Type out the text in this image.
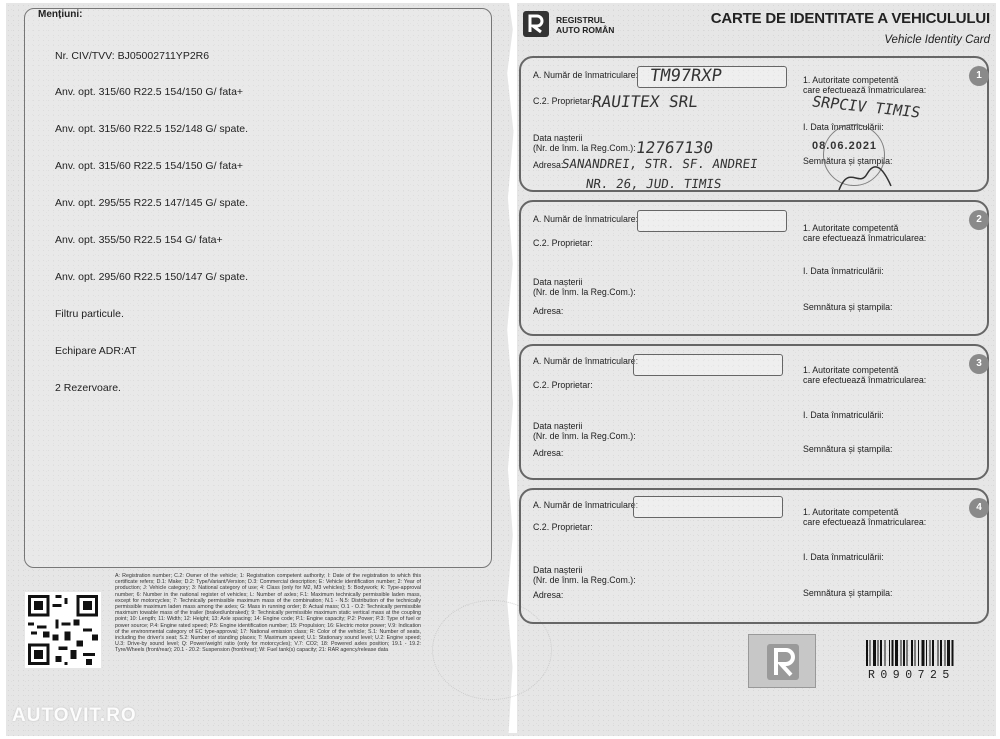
Mențiuni:

Nr. CIV/TVV: BJ05002711YP2R6

Anv. opt. 315/60 R22.5 154/150 G/ fata+

Anv. opt. 315/60 R22.5 152/148 G/ spate.

Anv. opt. 315/60 R22.5 154/150 G/ fata+

Anv. opt. 295/55 R22.5 147/145 G/ spate.

Anv. opt. 355/50 R22.5 154 G/ fata+

Anv. opt. 295/60 R22.5 150/147 G/ spate.

Filtru particule.

Echipare ADR:AT

2 Rezervoare.

A: Registration number; C.2: Owner of the vehicle; 1: Registration competent authority; I: Date of the registration to which this certificate refers; D.1: Make; D.2: Type/Variant/Version; D.3: Commercial description; E: Vehicle identification number; 2: Year of production; J: Vehicle category; 3: National category of use; 4: Class (only for M2, M3 vehicles); 5: Bodywork; K: Type-approval number; 6: Number in the national register of vehicles; L: Number of axles; F.1: Maximum technically permissible laden mass, except for motorcycles; 7: Technically permissible maximum mass of the combination; N.1 - N.5: Distribution of the technically permissible maximum laden mass among the axles; G: Mass in running order; 8: Actual mass; O.1 - O.2: Technically permissible maximum towable mass of the trailer (braked/unbraked); 9: Technically permissible maximum static vertical mass at the coupling point; 10: Length; 11: Width; 12: Height; 13: Axle spacing; 14: Engine code; P.1: Engine capacity; P.2: Power; P.3: Type of fuel or power source; P.4: Engine rated speed; P.5: Engine identification number; 15: Propulsion; 16: Electric motor power; V.9: Indication of the environmental category of EC type-approval; 17: National emission class; R: Color of the vehicle; S.1: Number of seats, including the driver's seat; S.2: Number of standing places; T: Maximum speed; U.1: Stationary sound level; U.2: Engine speed; U.3: Drive-by sound level; Q: Power/weight ratio (only for motorcycles); V.7: CO2; 18: Powered axles position; 19.1 - 19.2: Tyre/Wheels (front/rear); 20.1 - 20.2: Suspension (front/rear); W: Fuel tank(s) capacity; 21: RAR agency/release data
AUTOVIT.RO
REGISTRUL
AUTO ROMÂN
CARTE DE IDENTITATE A VEHICULULUI
Vehicle Identity Card
1
A. Număr de înmatriculare:
C.2. Proprietar:
Data nașterii
(Nr. de înm. la Reg.Com.):
Adresa:
1. Autoritate competentă
care efectuează înmatricularea:
I. Data înmatriculării:
Semnătura și ștampila:
TM97RXP
RAUITEX SRL
12767130
SANANDREI, STR. SF. ANDREI
NR. 26, JUD. TIMIS
SRPCIV TIMIS
08.06.2021
2
A. Număr de înmatriculare:
C.2. Proprietar:
Data nașterii
(Nr. de înm. la Reg.Com.):
Adresa:
1. Autoritate competentă
care efectuează înmatricularea:
I. Data înmatriculării:
Semnătura și ștampila:
3
A. Număr de înmatriculare:
C.2. Proprietar:
Data nașterii
(Nr. de înm. la Reg.Com.):
Adresa:
1. Autoritate competentă
care efectuează înmatricularea:
I. Data înmatriculării:
Semnătura și ștampila:
4
A. Număr de înmatriculare:
C.2. Proprietar:
Data nașterii
(Nr. de înm. la Reg.Com.):
Adresa:
1. Autoritate competentă
care efectuează înmatricularea:
I. Data înmatriculării:
Semnătura și ștampila:
R090725
